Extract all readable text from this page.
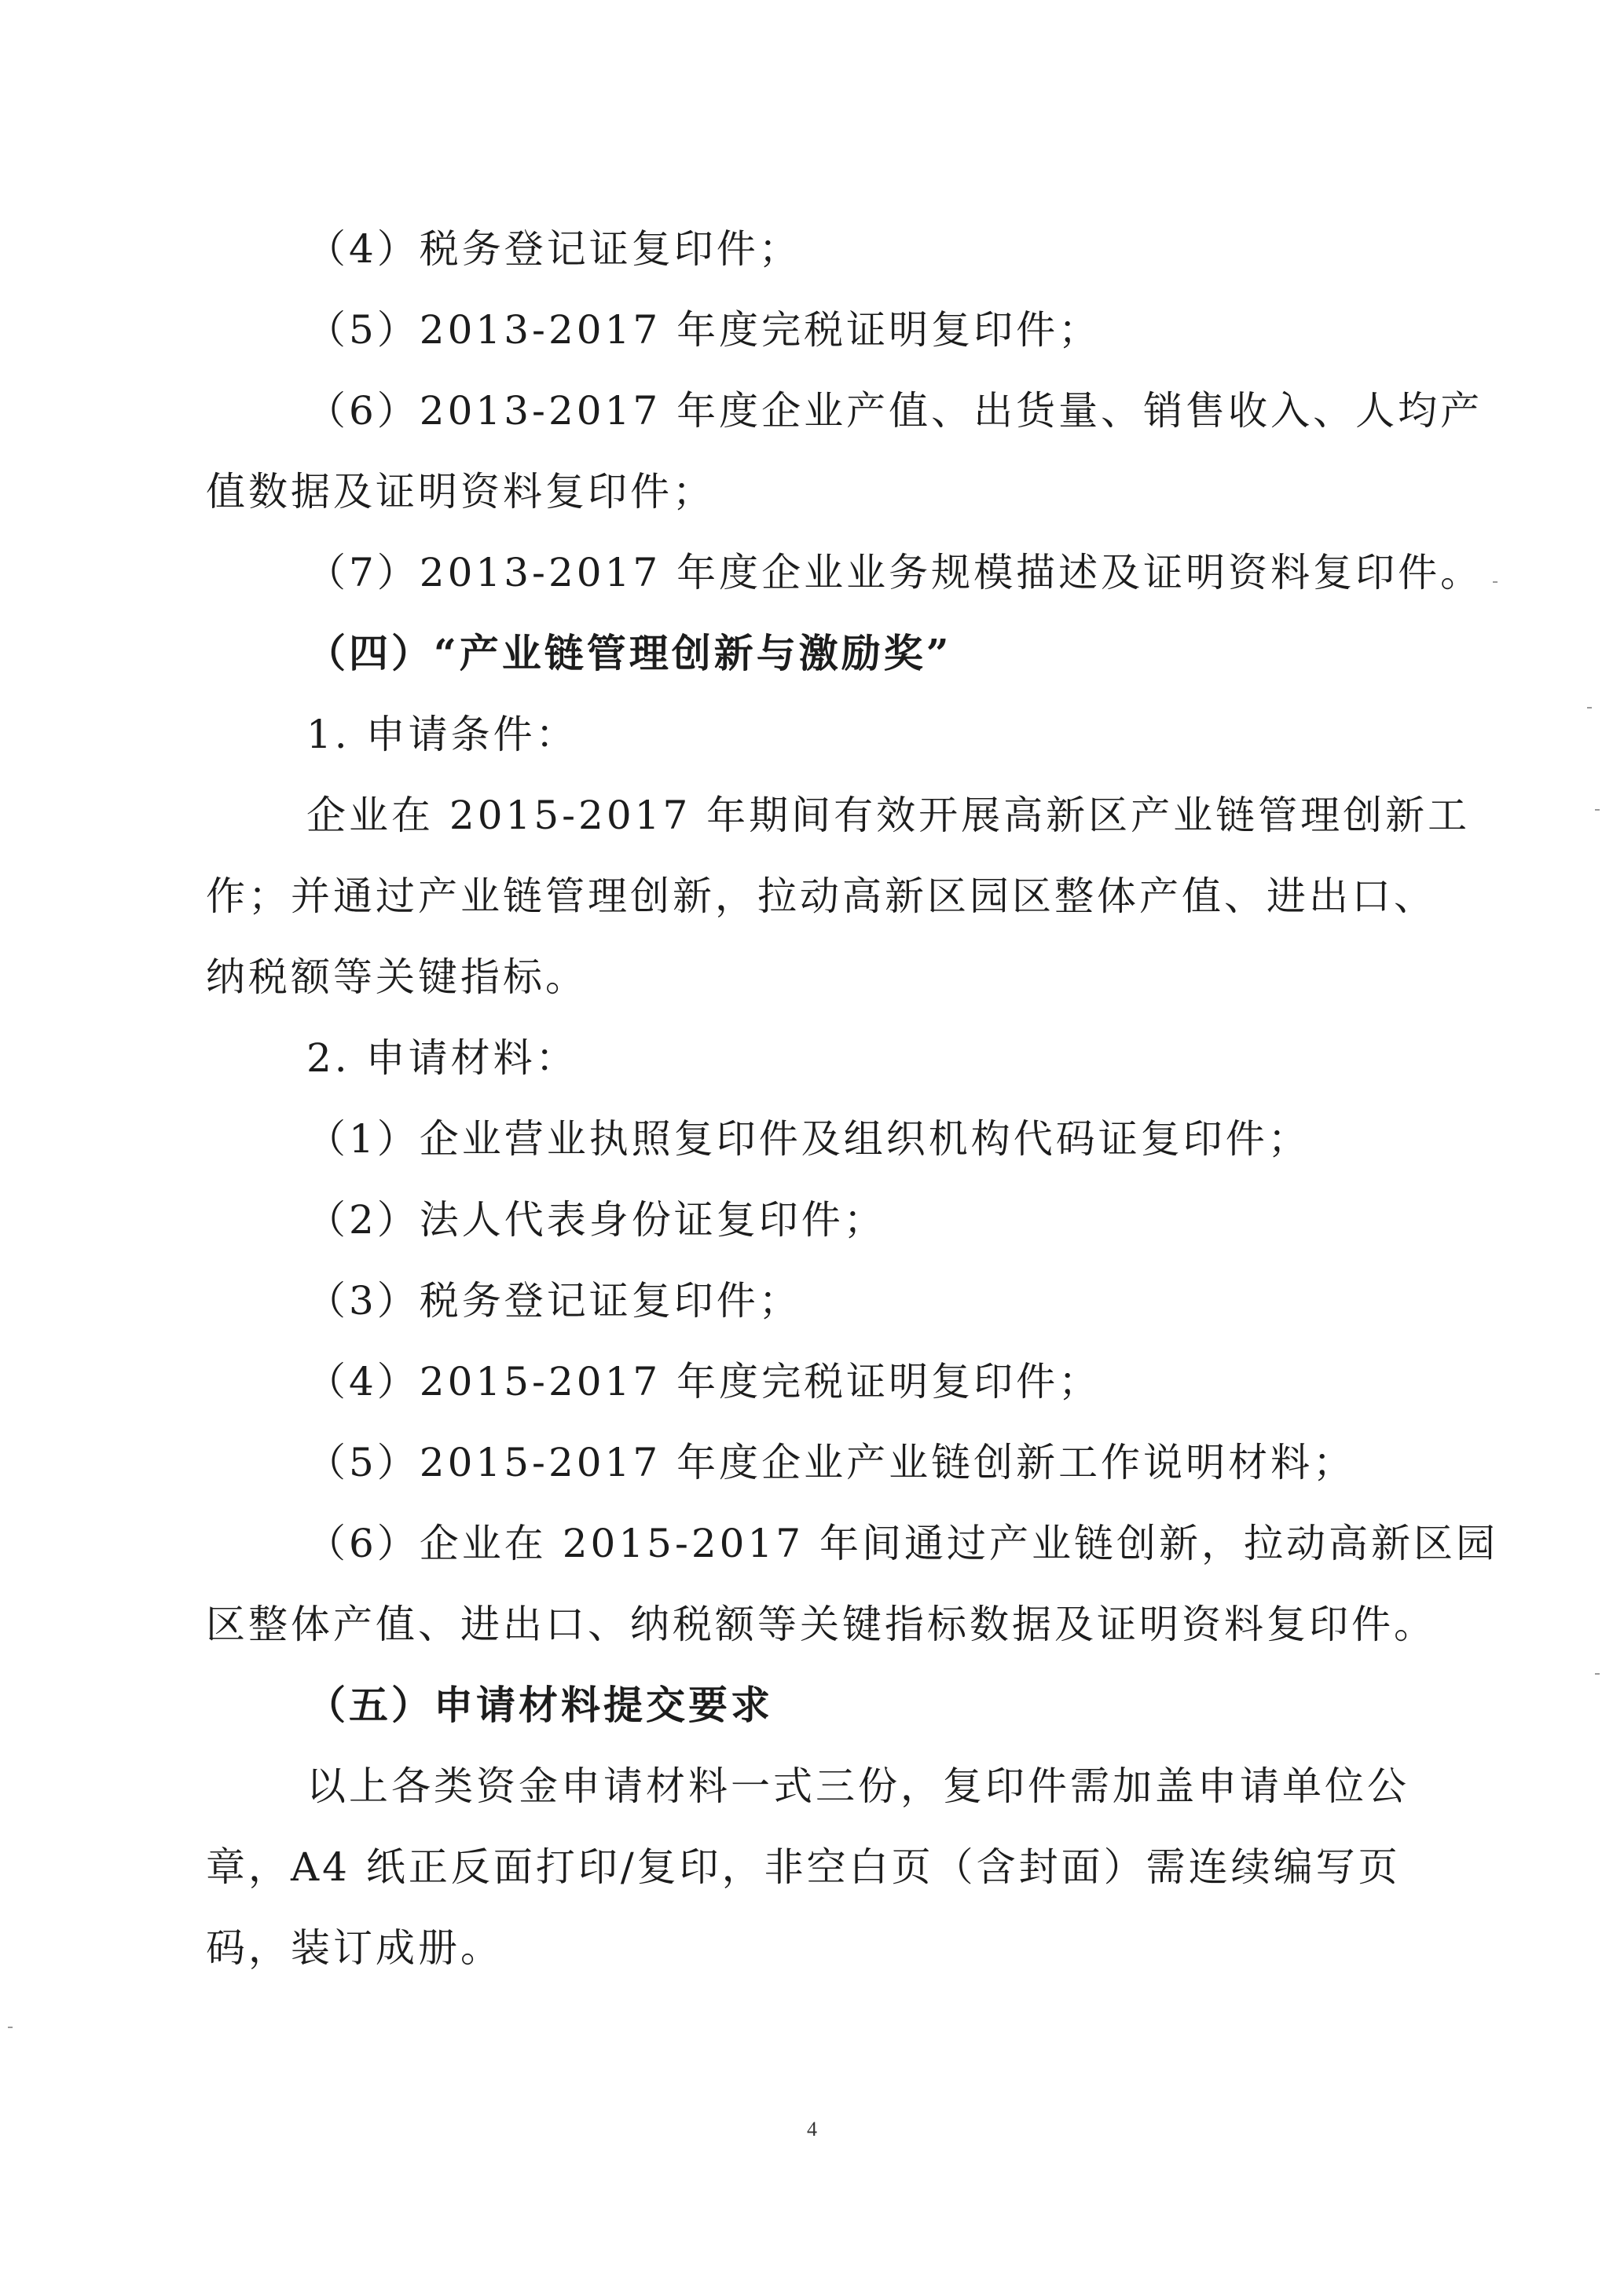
（4）税务登记证复印件；
（5）2013-2017 年度完税证明复印件；
（6）2013-2017 年度企业产值、出货量、销售收入、人均产
值数据及证明资料复印件；
（7）2013-2017 年度企业业务规模描述及证明资料复印件。
（四）“产业链管理创新与激励奖”
1. 申请条件：
企业在 2015-2017 年期间有效开展高新区产业链管理创新工
作；并通过产业链管理创新，拉动高新区园区整体产值、进出口、
纳税额等关键指标。
2. 申请材料：
（1）企业营业执照复印件及组织机构代码证复印件；
（2）法人代表身份证复印件；
（3）税务登记证复印件；
（4）2015-2017 年度完税证明复印件；
（5）2015-2017 年度企业产业链创新工作说明材料；
（6）企业在 2015-2017 年间通过产业链创新，拉动高新区园
区整体产值、进出口、纳税额等关键指标数据及证明资料复印件。
（五）申请材料提交要求
以上各类资金申请材料一式三份，复印件需加盖申请单位公
章，A4 纸正反面打印/复印，非空白页（含封面）需连续编写页
码，装订成册。
4
